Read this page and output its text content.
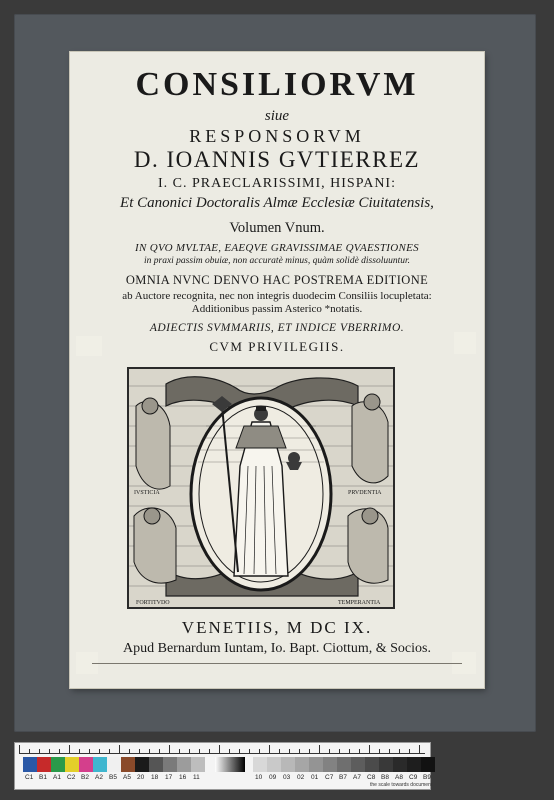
CONSILIORVM
siue
RESPONSORVM
D. IOANNIS GVTIERREZ
I. C. PRAECLARISSIMI, HISPANI:
Et Canonici Doctoralis Almæ Ecclesiæ Ciuitatensis,
Volumen Vnum.
IN QVO MVLTAE, EAEQVE GRAVISSIMAE QVAESTIONES
in praxi passim obuiæ, non accuratè minus, quàm solidè dissoluuntur.
OMNIA NVNC DENVO HAC POSTREMA EDITIONE
ab Auctore recognita, nec non integris duodecim Consiliis locupletata:
Additionibus passim Asterico *notatis.
ADIECTIS SVMMARIIS, ET INDICE VBERRIMO.
CVM PRIVILEGIIS.
IVSTICIA	PRVDENTIA
FORTITVDO	TEMPERANTIA
VENETIIS, M DC IX.
Apud Bernardum Iuntam, Io. Bapt. Ciottum, & Socios.
the scale towards document
C1 B1 A1 C2 B2 A2 B5 A5 20 18 17 16 11	10 09 03 02 01 C7 B7 A7 C8 B8 A8 C9 B9
